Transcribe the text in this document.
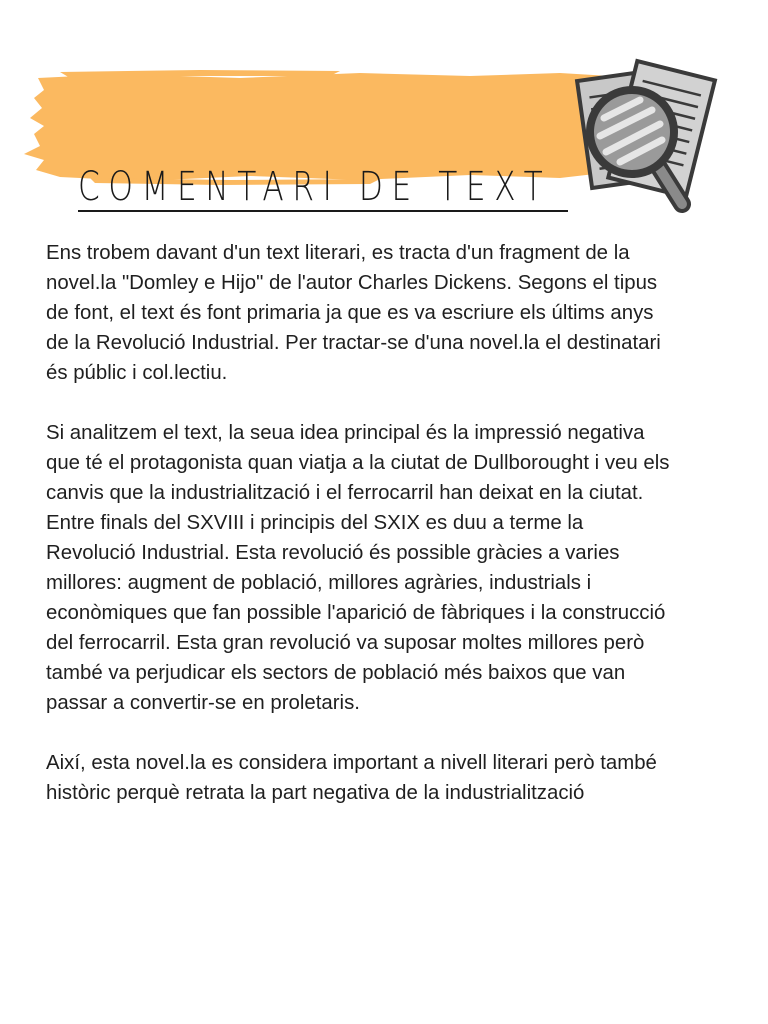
COMENTARI DE TEXT

Ens trobem davant d'un text literari, es tracta d'un fragment de la novel.la "Domley e Hijo" de l'autor Charles Dickens. Segons el tipus de font, el text és font primaria ja que es va escriure els últims anys de la Revolució Industrial. Per tractar-se d'una novel.la el destinatari és públic i col.lectiu.

Si analitzem el text, la seua idea principal és la impressió negativa que té el protagonista quan viatja a la ciutat de Dullborought i veu els canvis que la industrialització i el ferrocarril han deixat en la ciutat.

Entre finals del SXVIII i principis del SXIX es duu a terme la Revolució Industrial. Esta revolució és possible gràcies a varies millores: augment de població, millores agràries, industrials i econòmiques que fan possible l'aparició de fàbriques i la construcció del ferrocarril. Esta gran revolució va suposar moltes millores però també va perjudicar els sectors de població més baixos que van passar a convertir-se en proletaris.

Així, esta novel.la es considera important a nivell literari però també històric perquè retrata la part negativa de la industrialització
